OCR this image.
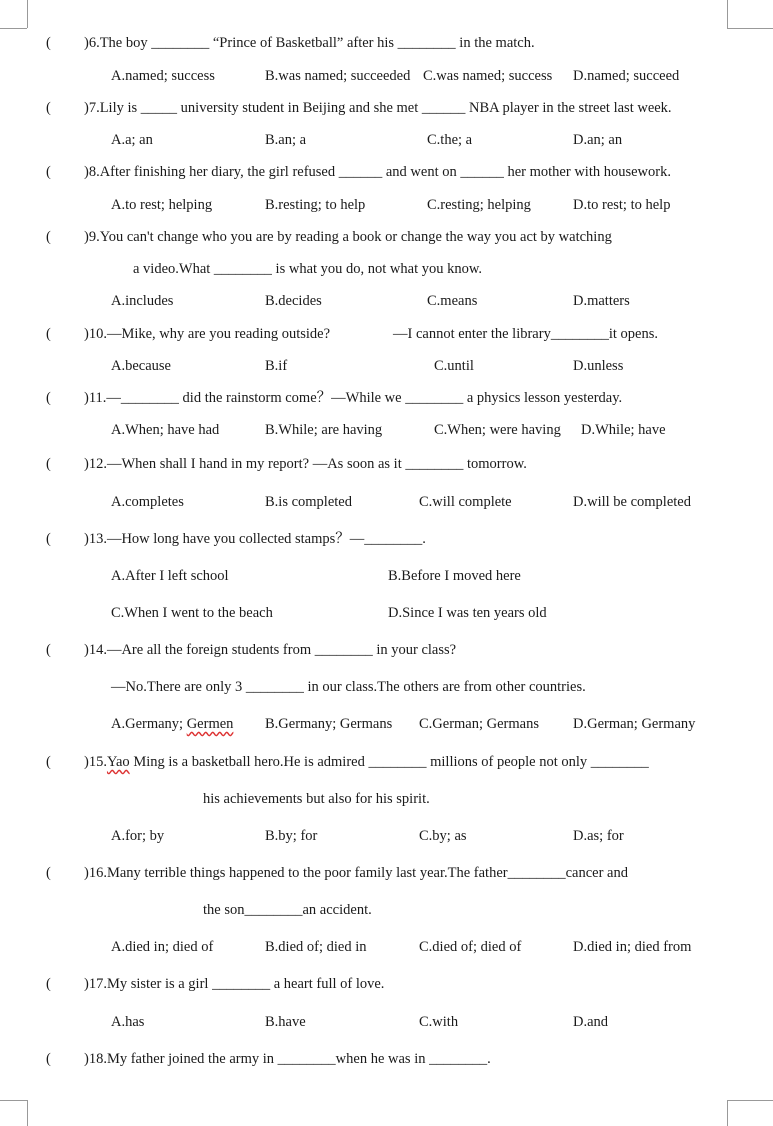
( )6.The boy ________ “Prince of Basketball” after his ________ in the match.
A.named; success	B.was named; succeeded C.was named; success D.named; succeed
( )7.Lily is _____ university student in Beijing and she met ______ NBA player in the street last week.
A.a; an	B.an; a	C.the; a	D.an; an
( )8.After finishing her diary, the girl refused ______ and went on ______ her mother with housework.
A.to rest; helping	B.resting; to help	C.resting; helping	D.to rest; to help
( )9.You can't change who you are by reading a book or change the way you act by watching
a video.What ________ is what you do, not what you know.
A.includes	B.decides	C.means	D.matters
( )10.—Mike, why are you reading outside?	—I cannot enter the library________it opens.
A.because	B.if	C.until	D.unless
( )11.—________ did the rainstorm come？—While we ________ a physics lesson yesterday.
A.When; have had	B.While; are having	C.When; were having D.While; have
( )12.—When shall I hand in my report? —As soon as it ________ tomorrow.
A.completes	B.is completed	C.will complete	D.will be completed
( )13.—How long have you collected stamps？—________.
A.After I left school	B.Before I moved here
C.When I went to the beach	D.Since I was ten years old
( )14.—Are all the foreign students from ________ in your class?
—No.There are only 3 ________ in our class.The others are from other countries.
A.Germany; Germen B.Germany; Germans C.German; Germans D.German; Germany
( )15.Yao Ming is a basketball hero.He is admired ________ millions of people not only ________
his achievements but also for his spirit.
A.for; by	B.by; for	C.by; as	D.as; for
( )16.Many terrible things happened to the poor family last year.The father________cancer and
the son________an accident.
A.died in; died of	B.died of; died in	C.died of; died of	D.died in; died from
( )17.My sister is a girl ________ a heart full of love.
A.has	B.have	C.with	D.and
( )18.My father joined the army in ________when he was in ________.
